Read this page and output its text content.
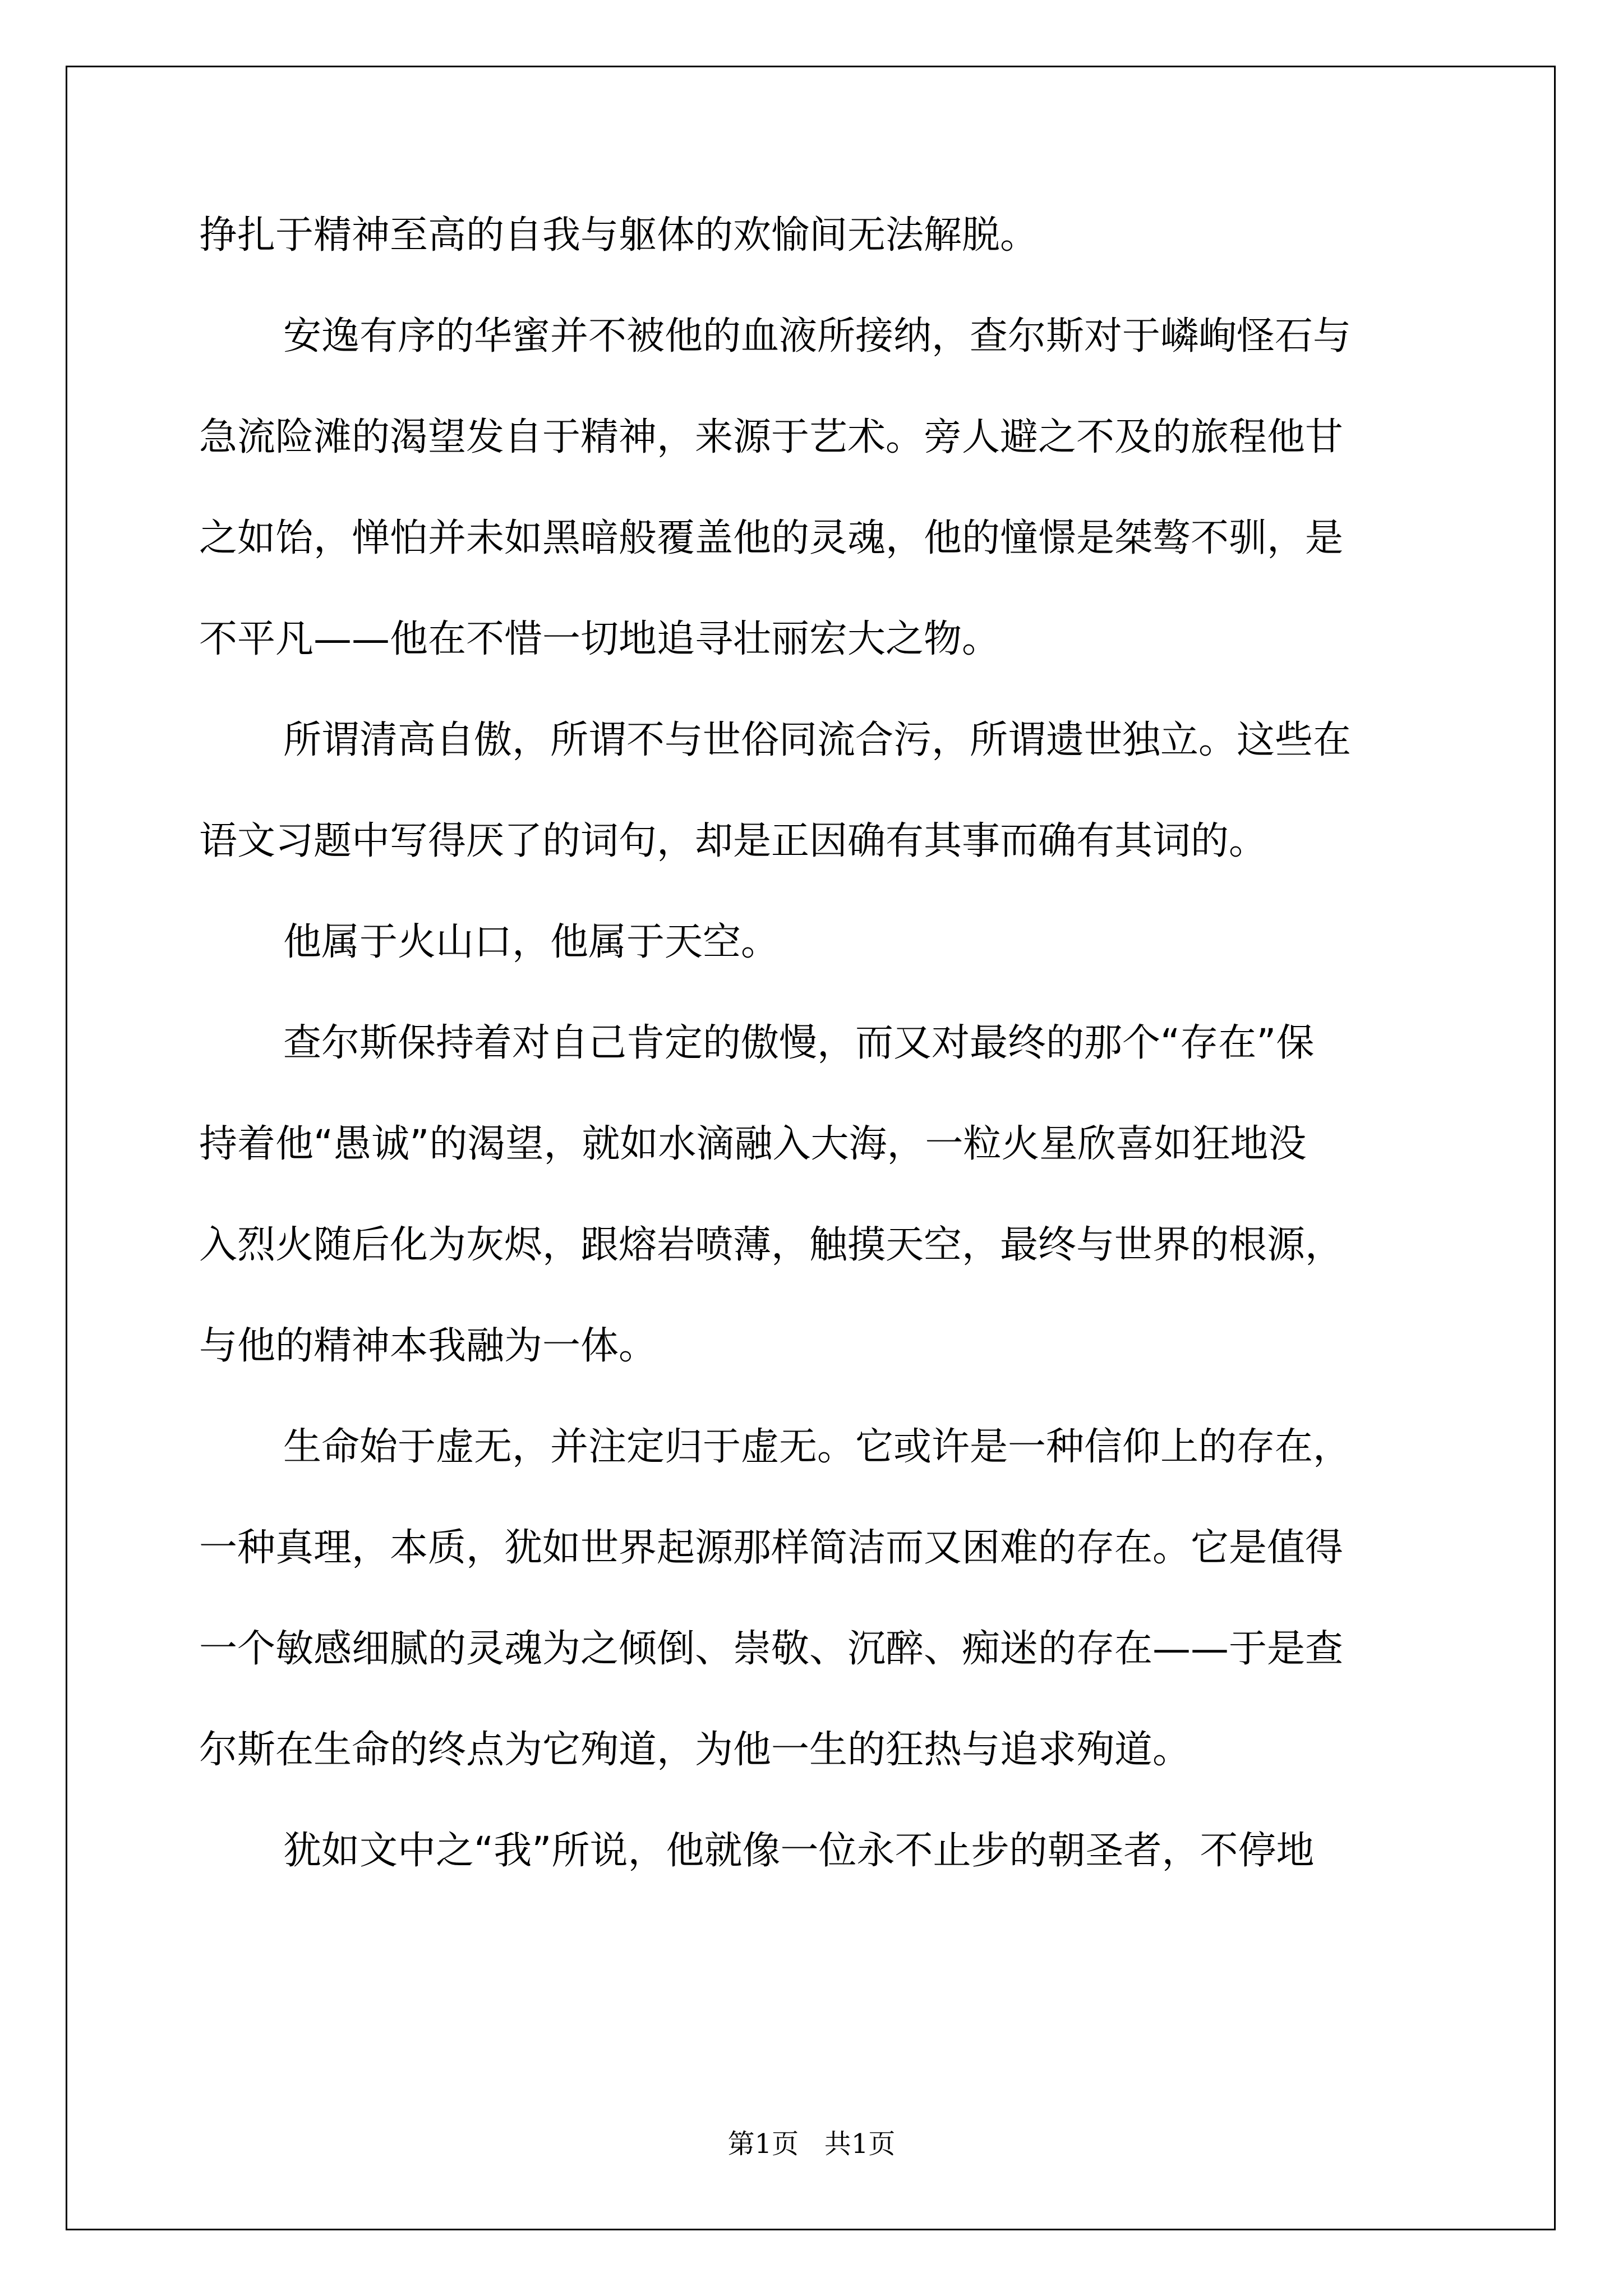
挣扎于精神至高的自我与躯体的欢愉间无法解脱。
安逸有序的华蜜并不被他的血液所接纳，查尔斯对于嶙峋怪石与
急流险滩的渴望发自于精神，来源于艺术。旁人避之不及的旅程他甘
之如饴，惮怕并未如黑暗般覆盖他的灵魂，他的憧憬是桀骜不驯，是
不平凡——他在不惜一切地追寻壮丽宏大之物。
所谓清高自傲，所谓不与世俗同流合污，所谓遗世独立。这些在
语文习题中写得厌了的词句，却是正因确有其事而确有其词的。
他属于火山口，他属于天空。
查尔斯保持着对自己肯定的傲慢，而又对最终的那个“存在”保
持着他“愚诚”的渴望，就如水滴融入大海，一粒火星欣喜如狂地没
入烈火随后化为灰烬，跟熔岩喷薄，触摸天空，最终与世界的根源，
与他的精神本我融为一体。
生命始于虚无，并注定归于虚无。它或许是一种信仰上的存在，
一种真理，本质，犹如世界起源那样简洁而又困难的存在。它是值得
一个敏感细腻的灵魂为之倾倒、崇敬、沉醉、痴迷的存在——于是查
尔斯在生命的终点为它殉道，为他一生的狂热与追求殉道。
犹如文中之“我”所说，他就像一位永不止步的朝圣者，不停地
第1页   共1页
